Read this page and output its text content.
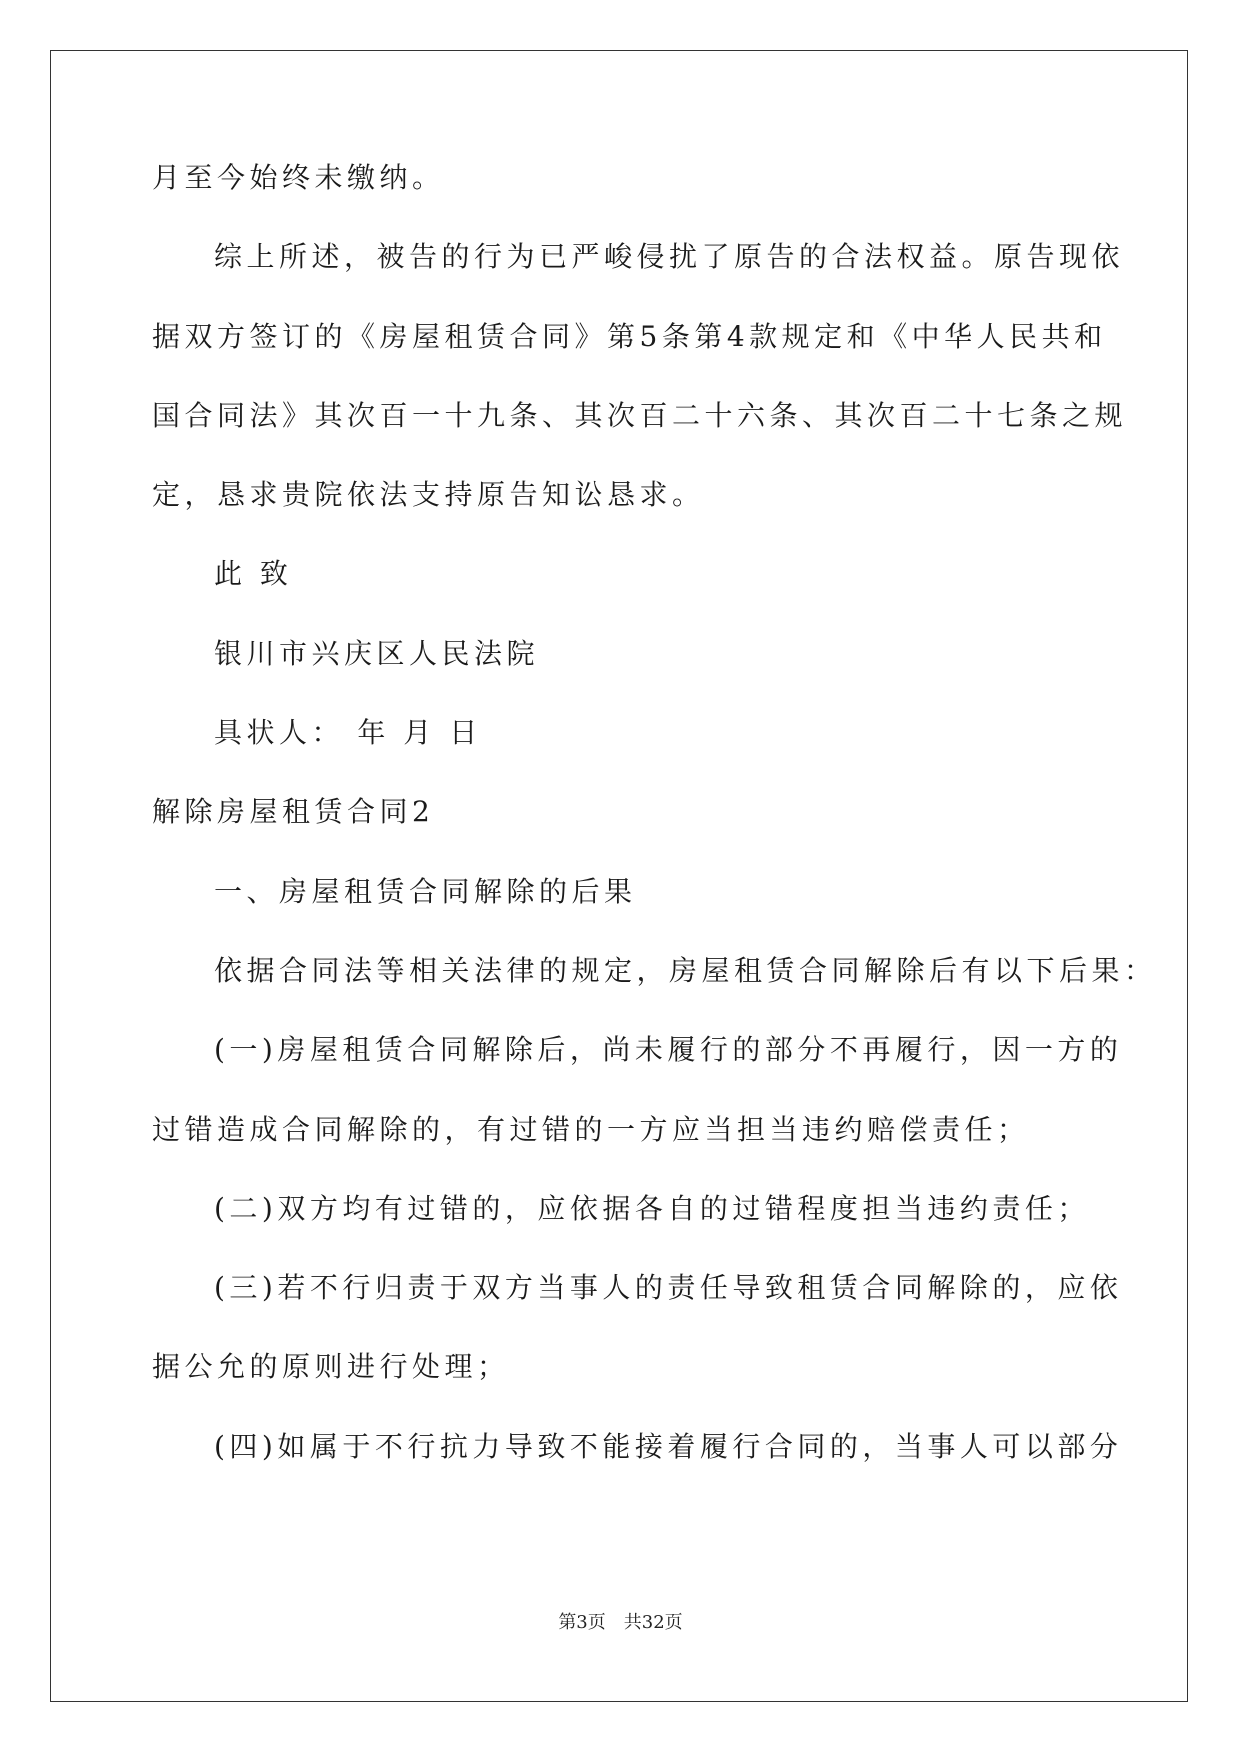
月至今始终未缴纳。

综上所述，被告的行为已严峻侵扰了原告的合法权益。原告现依

据双方签订的《房屋租赁合同》第5条第4款规定和《中华人民共和

国合同法》其次百一十九条、其次百二十六条、其次百二十七条之规

定，恳求贵院依法支持原告知讼恳求。

此 致

银川市兴庆区人民法院

具状人： 年 月 日

解除房屋租赁合同2

一、房屋租赁合同解除的后果

依据合同法等相关法律的规定，房屋租赁合同解除后有以下后果：

(一)房屋租赁合同解除后，尚未履行的部分不再履行，因一方的

过错造成合同解除的，有过错的一方应当担当违约赔偿责任；

(二)双方均有过错的，应依据各自的过错程度担当违约责任；

(三)若不行归责于双方当事人的责任导致租赁合同解除的，应依

据公允的原则进行处理；

(四)如属于不行抗力导致不能接着履行合同的，当事人可以部分

第3页 共32页
